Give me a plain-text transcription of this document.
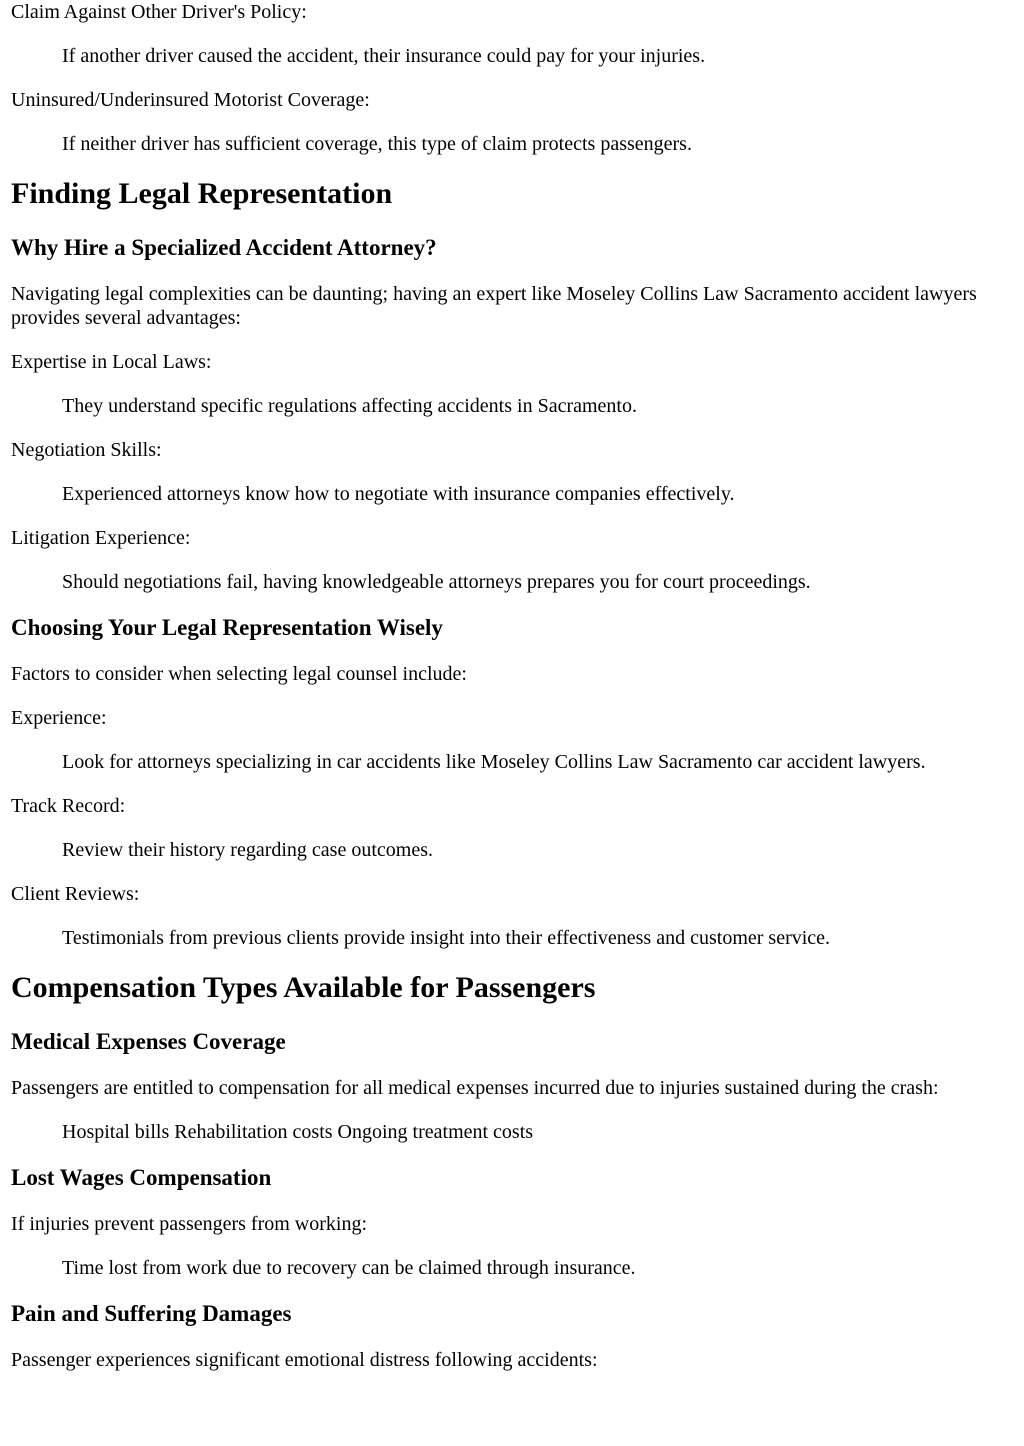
Claim Against Other Driver's Policy:
If another driver caused the accident, their insurance could pay for your injuries.
Uninsured/Underinsured Motorist Coverage:
If neither driver has sufficient coverage, this type of claim protects passengers.
Finding Legal Representation
Why Hire a Specialized Accident Attorney?

Navigating legal complexities can be daunting; having an expert like Moseley Collins Law Sacramento accident lawyers provides several advantages:

Expertise in Local Laws:
They understand specific regulations affecting accidents in Sacramento.
Negotiation Skills:
Experienced attorneys know how to negotiate with insurance companies effectively.
Litigation Experience:
Should negotiations fail, having knowledgeable attorneys prepares you for court proceedings.
Choosing Your Legal Representation Wisely

Factors to consider when selecting legal counsel include:

Experience:
Look for attorneys specializing in car accidents like Moseley Collins Law Sacramento car accident lawyers.
Track Record:
Review their history regarding case outcomes.
Client Reviews:
Testimonials from previous clients provide insight into their effectiveness and customer service.
Compensation Types Available for Passengers
Medical Expenses Coverage

Passengers are entitled to compensation for all medical expenses incurred due to injuries sustained during the crash:

Hospital bills Rehabilitation costs Ongoing treatment costs
Lost Wages Compensation

If injuries prevent passengers from working:

Time lost from work due to recovery can be claimed through insurance.
Pain and Suffering Damages

Passenger experiences significant emotional distress following accidents:
